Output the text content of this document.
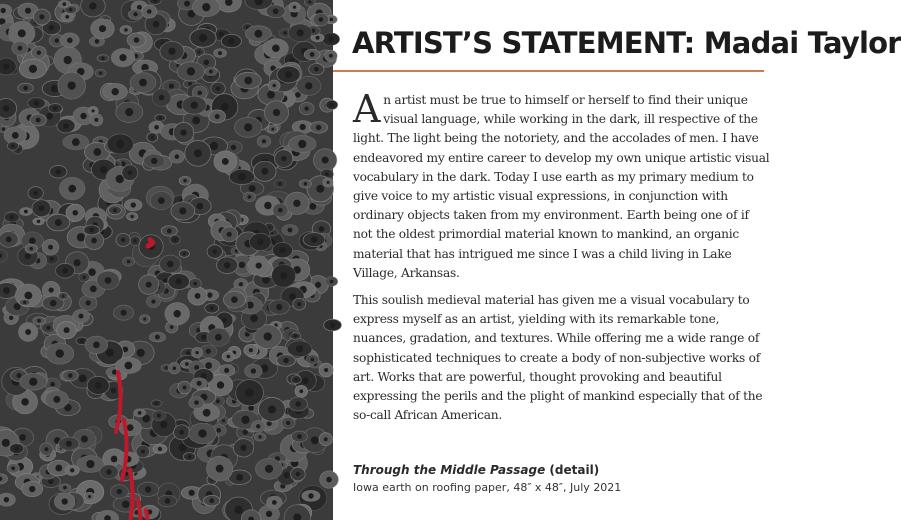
ARTIST’S STATEMENT: Madai Taylor

An artist must be true to himself or herself to find their unique visual language, while working in the dark, ill respective of the light. The light being the notoriety, and the accolades of men. I have endeavored my entire career to develop my own unique artistic visual vocabulary in the dark. Today I use earth as my primary medium to give voice to my artistic visual expressions, in conjunction with ordinary objects taken from my environment. Earth being one of if not the oldest primordial material known to mankind, an organic material that has intrigued me since I was a child living in Lake Village, Arkansas.

This soulish medieval material has given me a visual vocabulary to express myself as an artist, yielding with its remarkable tone, nuances, gradation, and textures. While offering me a wide range of sophisticated techniques to create a body of non-subjective works of art. Works that are powerful, thought provoking and beautiful expressing the perils and the plight of mankind especially that of the so-call African American.

Through the Middle Passage (detail)
Iowa earth on roofing paper, 48″ x 48″, July 2021
